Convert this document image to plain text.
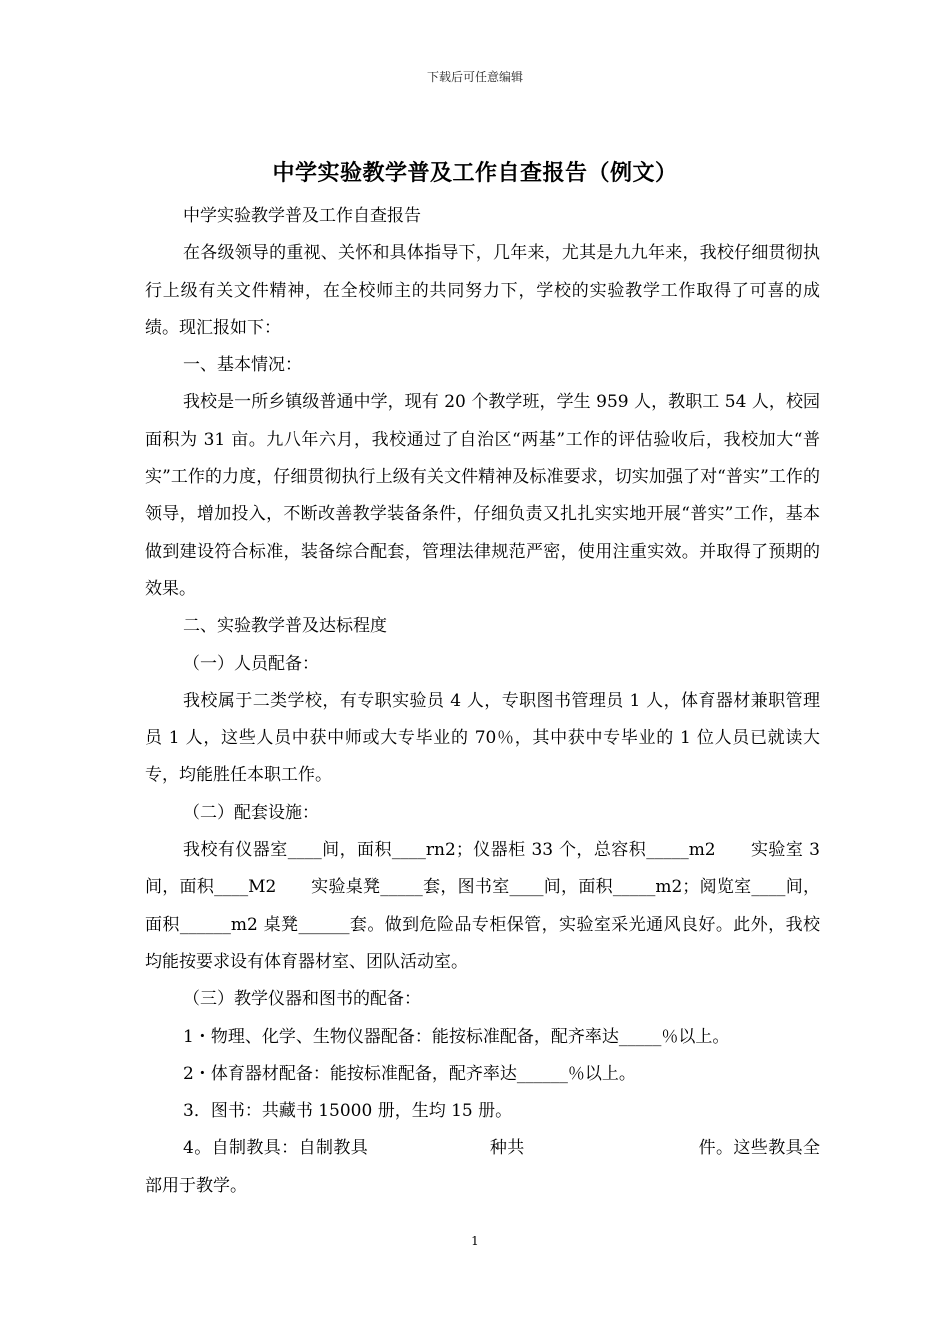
下载后可任意编辑
中学实验教学普及工作自查报告（例文）

中学实验教学普及工作自查报告

在各级领导的重视、关怀和具体指导下，几年来，尤其是九九年来，我校仔细贯彻执行上级有关文件精神，在全校师主的共同努力下，学校的实验教学工作取得了可喜的成绩。现汇报如下：

一、基本情况：

我校是一所乡镇级普通中学，现有 20 个教学班，学生 959 人，教职工 54 人，校园面积为 31 亩。九八年六月，我校通过了自治区“两基”工作的评估验收后，我校加大“普实”工作的力度，仔细贯彻执行上级有关文件精神及标准要求，切实加强了对“普实”工作的领导，增加投入，不断改善教学装备条件，仔细负责又扎扎实实地开展“普实”工作，基本做到建设符合标准，装备综合配套，管理法律规范严密，使用注重实效。并取得了预期的效果。

二、实验教学普及达标程度

（一）人员配备：

我校属于二类学校，有专职实验员 4 人，专职图书管理员 1 人，体育器材兼职管理员 1 人，这些人员中获中师或大专毕业的 70％，其中获中专毕业的 1 位人员已就读大专，均能胜任本职工作。

（二）配套设施：

我校有仪器室____间，面积____rn2；仪器柜 33 个，总容积_____m2　　实验室 3 间，面积____M2　　实验桌凳_____套，图书室____间，面积_____m2；阅览室____间，面积______m2 桌凳______套。做到危险品专柜保管，实验室采光通风良好。此外，我校均能按要求设有体育器材室、团队活动室。

（三）教学仪器和图书的配备：

1・物理、化学、生物仪器配备：能按标准配备，配齐率达_____％以上。

2・体育器材配备：能按标准配备，配齐率达______％以上。

3．图书：共藏书 15000 册，生均 15 册。

4。自制教具：自制教具　　　　　　　种共　　　　　　　　　　件。这些教具全部用于教学。

1
